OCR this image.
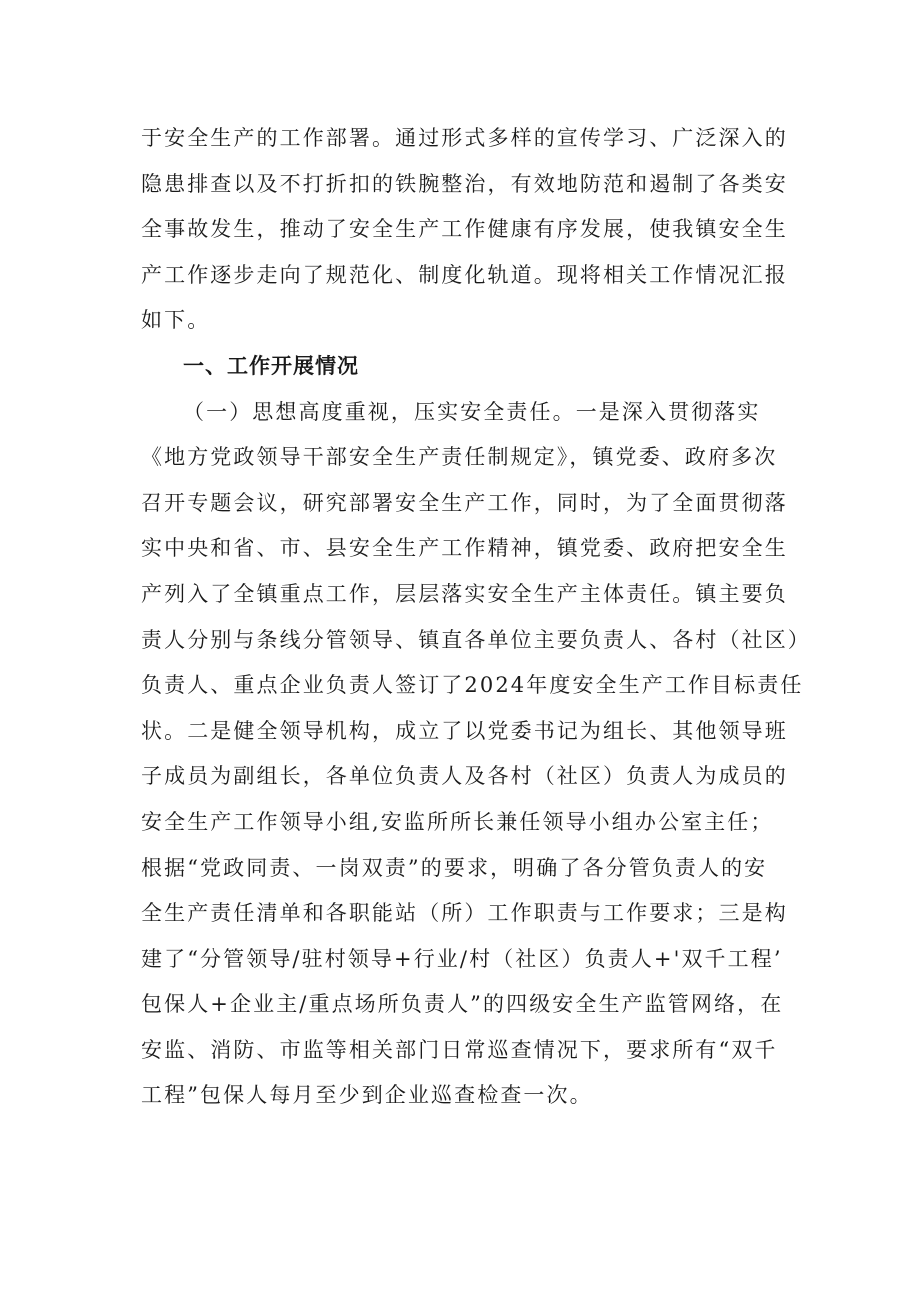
于安全生产的工作部署。通过形式多样的宣传学习、广泛深入的
隐患排查以及不打折扣的铁腕整治，有效地防范和遏制了各类安
全事故发生，推动了安全生产工作健康有序发展，使我镇安全生
产工作逐步走向了规范化、制度化轨道。现将相关工作情况汇报
如下。
一、工作开展情况
（一）思想高度重视，压实安全责任。一是深入贯彻落实
《地方党政领导干部安全生产责任制规定》，镇党委、政府多次
召开专题会议，研究部署安全生产工作，同时，为了全面贯彻落
实中央和省、市、县安全生产工作精神，镇党委、政府把安全生
产列入了全镇重点工作，层层落实安全生产主体责任。镇主要负
责人分别与条线分管领导、镇直各单位主要负责人、各村（社区）
负责人、重点企业负责人签订了2024年度安全生产工作目标责任
状。二是健全领导机构，成立了以党委书记为组长、其他领导班
子成员为副组长，各单位负责人及各村（社区）负责人为成员的
安全生产工作领导小组,安监所所长兼任领导小组办公室主任；
根据“党政同责、一岗双责”的要求，明确了各分管负责人的安
全生产责任清单和各职能站（所）工作职责与工作要求；三是构
建了“分管领导/驻村领导+行业/村（社区）负责人+'双千工程’
包保人+企业主/重点场所负责人”的四级安全生产监管网络，在
安监、消防、市监等相关部门日常巡查情况下，要求所有“双千
工程”包保人每月至少到企业巡查检查一次。
